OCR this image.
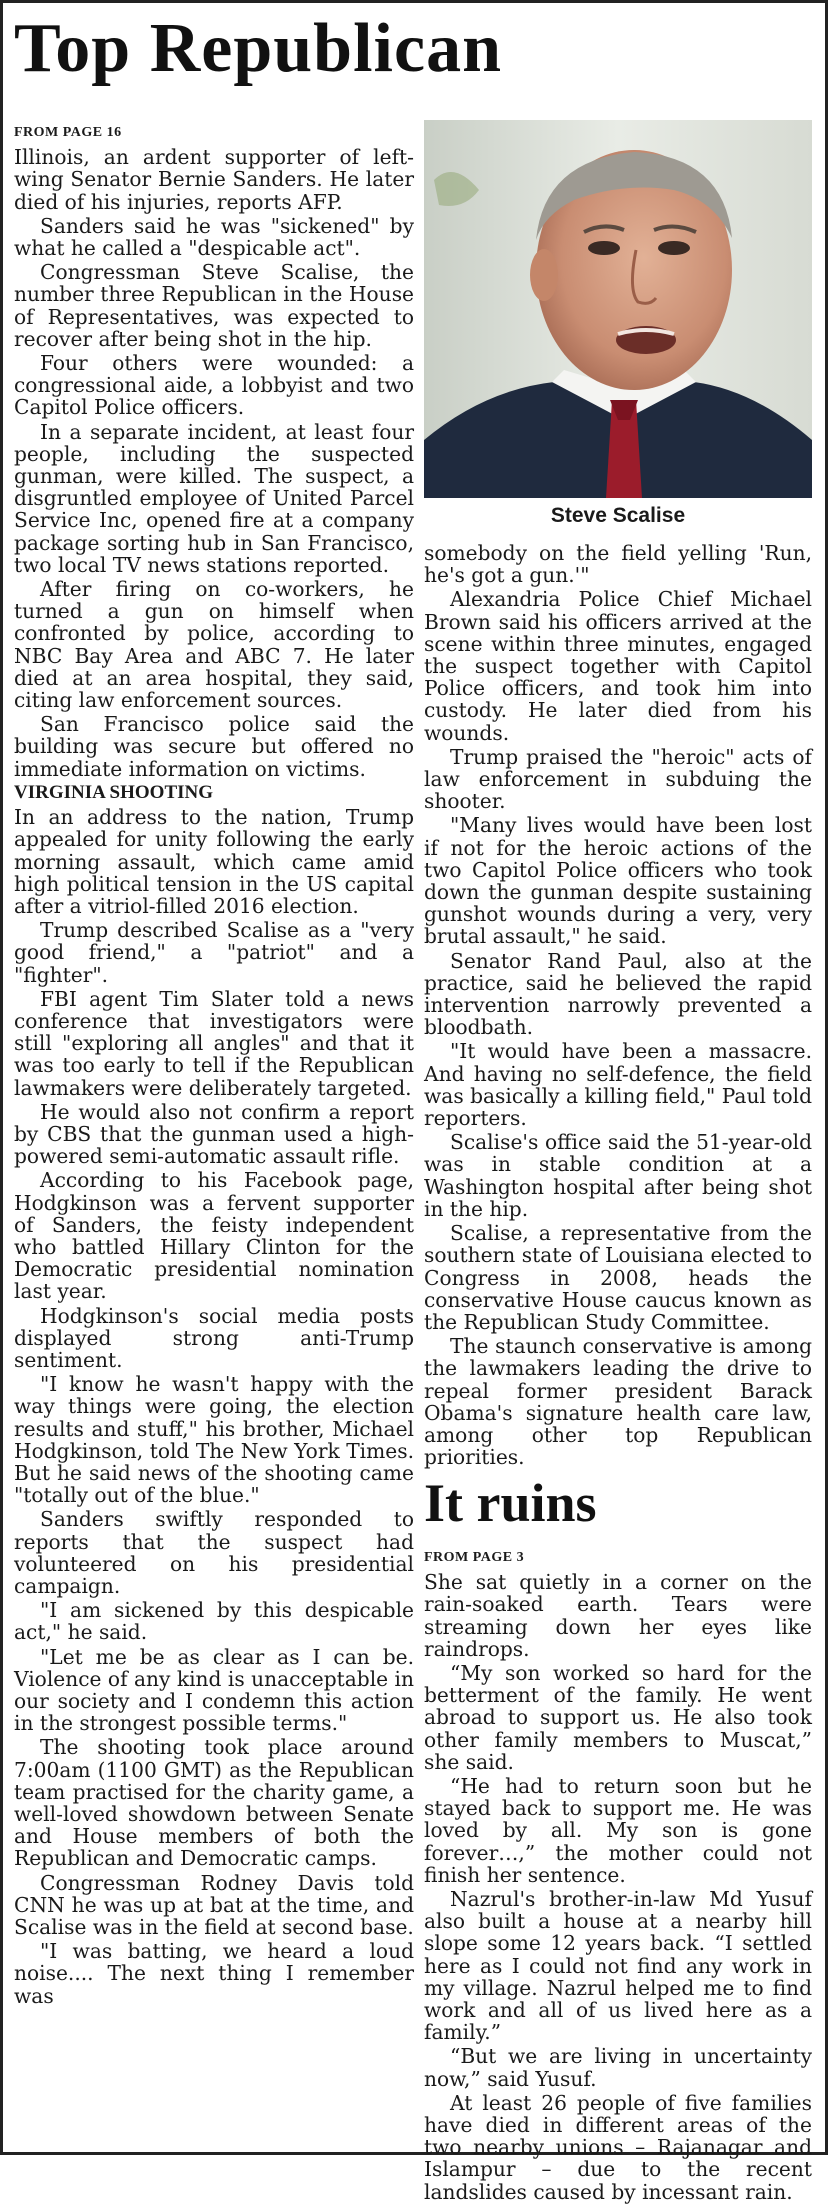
Top Republican
FROM PAGE 16

Illinois, an ardent supporter of left-wing Senator Bernie Sanders. He later died of his injuries, reports AFP.

Sanders said he was "sickened" by what he called a "despicable act".

Congressman Steve Scalise, the number three Republican in the House of Representatives, was expected to recover after being shot in the hip.

Four others were wounded: a congressional aide, a lobbyist and two Capitol Police officers.

In a separate incident, at least four people, including the suspected gunman, were killed. The suspect, a disgruntled employee of United Parcel Service Inc, opened fire at a company package sorting hub in San Francisco, two local TV news stations reported.

After firing on co-workers, he turned a gun on himself when confronted by police, according to NBC Bay Area and ABC 7. He later died at an area hospital, they said, citing law enforcement sources.

San Francisco police said the building was secure but offered no immediate information on victims.

VIRGINIA SHOOTING

In an address to the nation, Trump appealed for unity following the early morning assault, which came amid high political tension in the US capital after a vitriol-filled 2016 election.

Trump described Scalise as a "very good friend," a "patriot" and a "fighter".

FBI agent Tim Slater told a news conference that investigators were still "exploring all angles" and that it was too early to tell if the Republican lawmakers were deliberately targeted.

He would also not confirm a report by CBS that the gunman used a high-powered semi-automatic assault rifle.

According to his Facebook page, Hodgkinson was a fervent supporter of Sanders, the feisty independent who battled Hillary Clinton for the Democratic presidential nomination last year.

Hodgkinson's social media posts displayed strong anti-Trump sentiment.

"I know he wasn't happy with the way things were going, the election results and stuff," his brother, Michael Hodgkinson, told The New York Times. But he said news of the shooting came "totally out of the blue."

Sanders swiftly responded to reports that the suspect had volunteered on his presidential campaign.

"I am sickened by this despicable act," he said.

"Let me be as clear as I can be. Violence of any kind is unacceptable in our society and I condemn this action in the strongest possible terms."

The shooting took place around 7:00am (1100 GMT) as the Republican team practised for the charity game, a well-loved showdown between Senate and House members of both the Republican and Democratic camps.

Congressman Rodney Davis told CNN he was up at bat at the time, and Scalise was in the field at second base.

"I was batting, we heard a loud noise.... The next thing I remember was

Steve Scalise

somebody on the field yelling 'Run, he's got a gun.'"

Alexandria Police Chief Michael Brown said his officers arrived at the scene within three minutes, engaged the suspect together with Capitol Police officers, and took him into custody. He later died from his wounds.

Trump praised the "heroic" acts of law enforcement in subduing the shooter.

"Many lives would have been lost if not for the heroic actions of the two Capitol Police officers who took down the gunman despite sustaining gunshot wounds during a very, very brutal assault," he said.

Senator Rand Paul, also at the practice, said he believed the rapid intervention narrowly prevented a bloodbath.

"It would have been a massacre. And having no self-defence, the field was basically a killing field," Paul told reporters.

Scalise's office said the 51-year-old was in stable condition at a Washington hospital after being shot in the hip.

Scalise, a representative from the southern state of Louisiana elected to Congress in 2008, heads the conservative House caucus known as the Republican Study Committee.

The staunch conservative is among the lawmakers leading the drive to repeal former president Barack Obama's signature health care law, among other top Republican priorities.

It ruins
FROM PAGE 3

She sat quietly in a corner on the rain-soaked earth. Tears were streaming down her eyes like raindrops.

“My son worked so hard for the betterment of the family. He went abroad to support us. He also took other family members to Muscat,” she said.

“He had to return soon but he stayed back to support me. He was loved by all. My son is gone forever…,” the mother could not finish her sentence.

Nazrul's brother-in-law Md Yusuf also built a house at a nearby hill slope some 12 years back. “I settled here as I could not find any work in my village. Nazrul helped me to find work and all of us lived here as a family.”

“But we are living in uncertainty now,” said Yusuf.

At least 26 people of five families have died in different areas of the two nearby unions – Rajanagar and Islampur – due to the recent landslides caused by incessant rain.
